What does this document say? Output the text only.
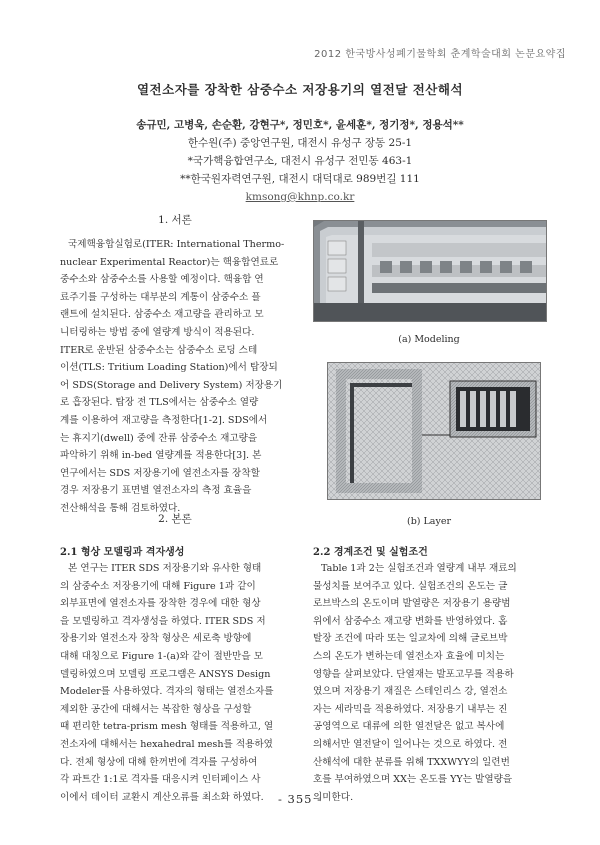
2012 한국방사성폐기물학회 춘계학술대회 논문요약집
열전소자를 장착한 삼중수소 저장용기의 열전달 전산해석
송규민, 고병욱, 손순환, 강현구*, 정민호*, 윤세훈*, 정기정*, 정용석**
한수원(주) 중앙연구원, 대전시 유성구 장동 25-1
*국가핵융합연구소, 대전시 유성구 전민동 463-1
**한국원자력연구원, 대전시 대덕대로 989번길 111
kmsong@khnp.co.kr
1. 서론

국제핵융합실험로(ITER: International Thermo-

nuclear Experimental Reactor)는 핵융합연료로

중수소와 삼중수소를 사용할 예정이다. 핵융합 연

료주기를 구성하는 대부분의 계통이 삼중수소 플

랜트에 설치된다. 삼중수소 재고량을 관리하고 모

니터링하는 방법 중에 열량계 방식이 적용된다.

ITER로 운반된 삼중수소는 삼중수소 로딩 스테

이션(TLS: Tritium Loading Station)에서 탑장되

어 SDS(Storage and Delivery System) 저장용기

로 흡장된다. 탑장 전 TLS에서는 삼중수소 열량

계를 이용하여 재고량을 측정한다[1-2]. SDS에서

는 휴지기(dwell) 중에 잔류 삼중수소 재고량을

파악하기 위해 in-bed 열량계를 적용한다[3]. 본

연구에서는 SDS 저장용기에 열전소자를 장착할

경우 저장용기 표면별 열전소자의 측정 효율을

전산해석을 통해 검토하였다.

2. 본론
2.1 형상 모델링과 격자생성

본 연구는 ITER SDS 저장용기와 유사한 형태

의 삼중수소 저장용기에 대해 Figure 1과 같이

외부표면에 열전소자를 장착한 경우에 대한 형상

을 모델링하고 격자생성을 하였다. ITER SDS 저

장용기와 열전소자 장착 형상은 세로축 방향에

대해 대칭으로 Figure 1-(a)와 같이 절반만을 모

델링하였으며 모델링 프로그램은 ANSYS Design

Modeler를 사용하였다. 격자의 형태는 열전소자를

제외한 공간에 대해서는 복잡한 형상을 구성할

때 편리한 tetra-prism mesh 형태를 적용하고, 열

전소자에 대해서는 hexahedral mesh를 적용하였

다. 전체 형상에 대해 한꺼번에 격자를 구성하여

각 파트간 1:1로 격자를 대응시켜 인터페이스 사

이에서 데이터 교환시 계산오류를 최소화 하였다.

(a) Modeling
(b) Layer
2.2 경계조건 및 실험조건

Table 1과 2는 실험조건과 열량계 내부 재료의

물성치를 보여주고 있다. 실험조건의 온도는 글

로브박스의 온도이며 발열량은 저장용기 용량범

위에서 삼중수소 재고량 변화를 반영하였다. 홉

탈장 조건에 따라 또는 일교차에 의해 글로브박

스의 온도가 변하는데 열전소자 효율에 미치는

영향을 살펴보았다. 단열재는 발포고무를 적용하

였으며 저장용기 재질은 스테인리스 강, 열전소

자는 세라믹을 적용하였다. 저장용기 내부는 진

공영역으로 대류에 의한 열전달은 없고 복사에

의해서만 열전달이 일어나는 것으로 하였다. 전

산해석에 대한 분류를 위해 TXXWYY의 일련번

호를 부여하였으며 XX는 온도를 YY는 발열량을

의미한다.

- 355 -
